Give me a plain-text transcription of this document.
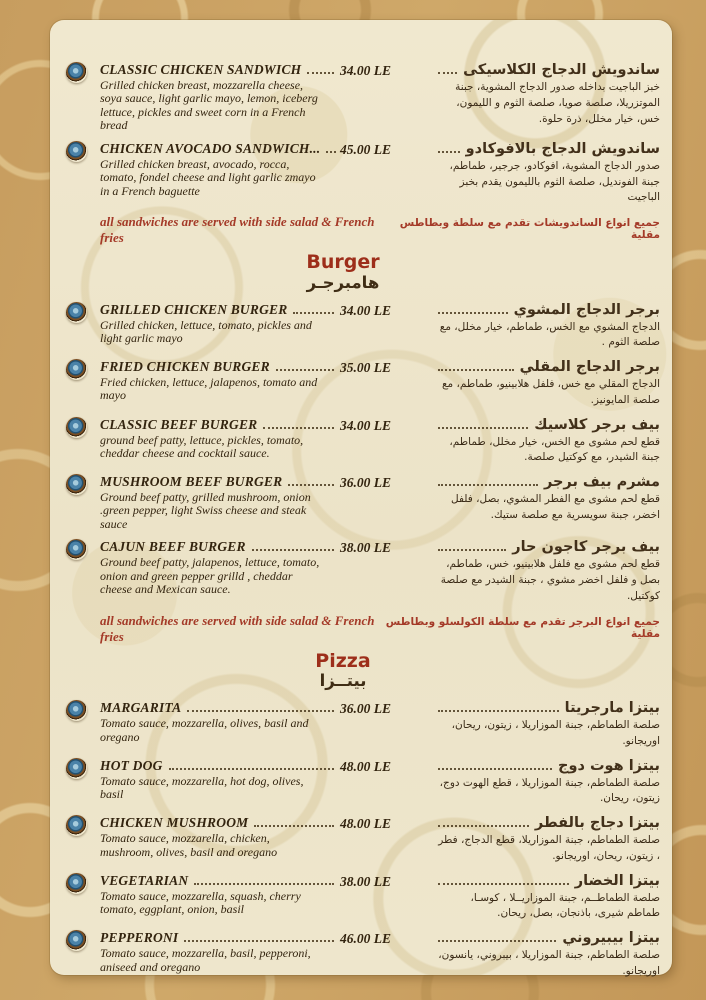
CLASSIC CHICKEN SANDWICH
Grilled chicken breast, mozzarella cheese, soya sauce, light garlic mayo, lemon, iceberg lettuce, pickles and sweet corn in a French bread
34.00 LE	ساندويش الدجاج الكلاسيكى
خبز الباجيت بداخله صدور الدجاج المشوية، جبنة الموتزريلا، صلصة صويا، صلصة الثوم و الليمون، خس، خيار مخلل، ذرة حلوة.
CHICKEN AVOCADO SANDWICH...
Grilled chicken breast, avocado, rocca, tomato, fondel cheese and light garlic zmayo in a French baguette
45.00 LE	ساندويش الدجاج بالافوكادو
صدور الدجاج المشوية، افوكادو، جرجير، طماطم، جبنة الفونديل، صلصة الثوم بالليمون يقدم بخبز الباجيت
all sandwiches are served with side salad & French fries
جميع انواع الساندويشات تقدم مع سلطة وبطاطس مقلية
Burger
هامبرجـر
GRILLED CHICKEN BURGER
Grilled chicken, lettuce, tomato, pickles and light garlic mayo
34.00 LE	برجر الدجاج المشوي
الدجاج المشوي مع الخس، طماطم، خيار مخلل، مع صلصة الثوم .
FRIED CHICKEN BURGER
Fried chicken, lettuce, jalapenos, tomato and mayo
35.00 LE	برجر الدجاج المقلي
الدجاج المقلي مع خس، فلفل هلابينيو، طماطم، مع صلصة المايونيز.
CLASSIC BEEF BURGER
ground beef patty, lettuce, pickles, tomato, cheddar cheese and cocktail sauce.
34.00 LE	بيف برجر كلاسيك
قطع لحم مشوى مع الخس، خيار مخلل، طماطم، جبنة الشيدر، مع كوكتيل صلصة.
MUSHROOM BEEF BURGER
Ground beef patty, grilled mushroom, onion .green pepper, light Swiss cheese and steak sauce
36.00 LE	مشرم بيف برجر
قطع لحم مشوى مع الفطر المشوي، بصل، فلفل اخضر، جبنة سويسرية مع صلصة ستيك.
CAJUN BEEF BURGER
Ground beef patty, jalapenos, lettuce, tomato, onion and green pepper grilld , cheddar cheese and Mexican sauce.
38.00 LE	بيف برجر كاجون حار
قطع لحم مشوى مع فلفل هلابينيو، خس، طماطم، بصل و فلفل اخضر مشوي ، جبنة الشيدر مع صلصة كوكتيل.
all sandwiches are served with side salad & French fries
جميع انواع البرجر تقدم مع سلطة الكولسلو وبطاطس مقلية
Pizza
بيتــزا
MARGARITA
Tomato sauce, mozzarella, olives, basil and oregano
36.00 LE	بيتزا مارجريتا
صلصة الطماطم، جبنة الموزاريلا ، زيتون، ريحان، اوريجانو.
HOT DOG
Tomato sauce, mozzarella, hot dog, olives, basil
48.00 LE	بيتزا هوت دوج
صلصة الطماطم، جبنة الموزاريلا ، قطع الهوت دوج، زيتون، ريحان.
CHICKEN MUSHROOM
Tomato sauce, mozzarella, chicken, mushroom, olives, basil and oregano
48.00 LE	بيتزا دجاج بالفطر
صلصة الطماطم، جبنة الموزاريلا، قطع الدجاج، فطر ، زيتون، ريحان، اوريجانو.
VEGETARIAN
Tomato sauce, mozzarella, squash, cherry tomato, eggplant, onion, basil
38.00 LE	بيتزا الخضار
صلصة الطماطــم، جبنة الموزاريــلا ، كوسـا، طماطم شيرى، باذنجان، بصل، ريحان.
PEPPERONI
Tomato sauce, mozzarella, basil, pepperoni, aniseed and oregano
46.00 LE	بيتزا بيبيروني
صلصة الطماطم، جبنة الموزاريلا ، بيبروني، يانسون، اوريجانو.
